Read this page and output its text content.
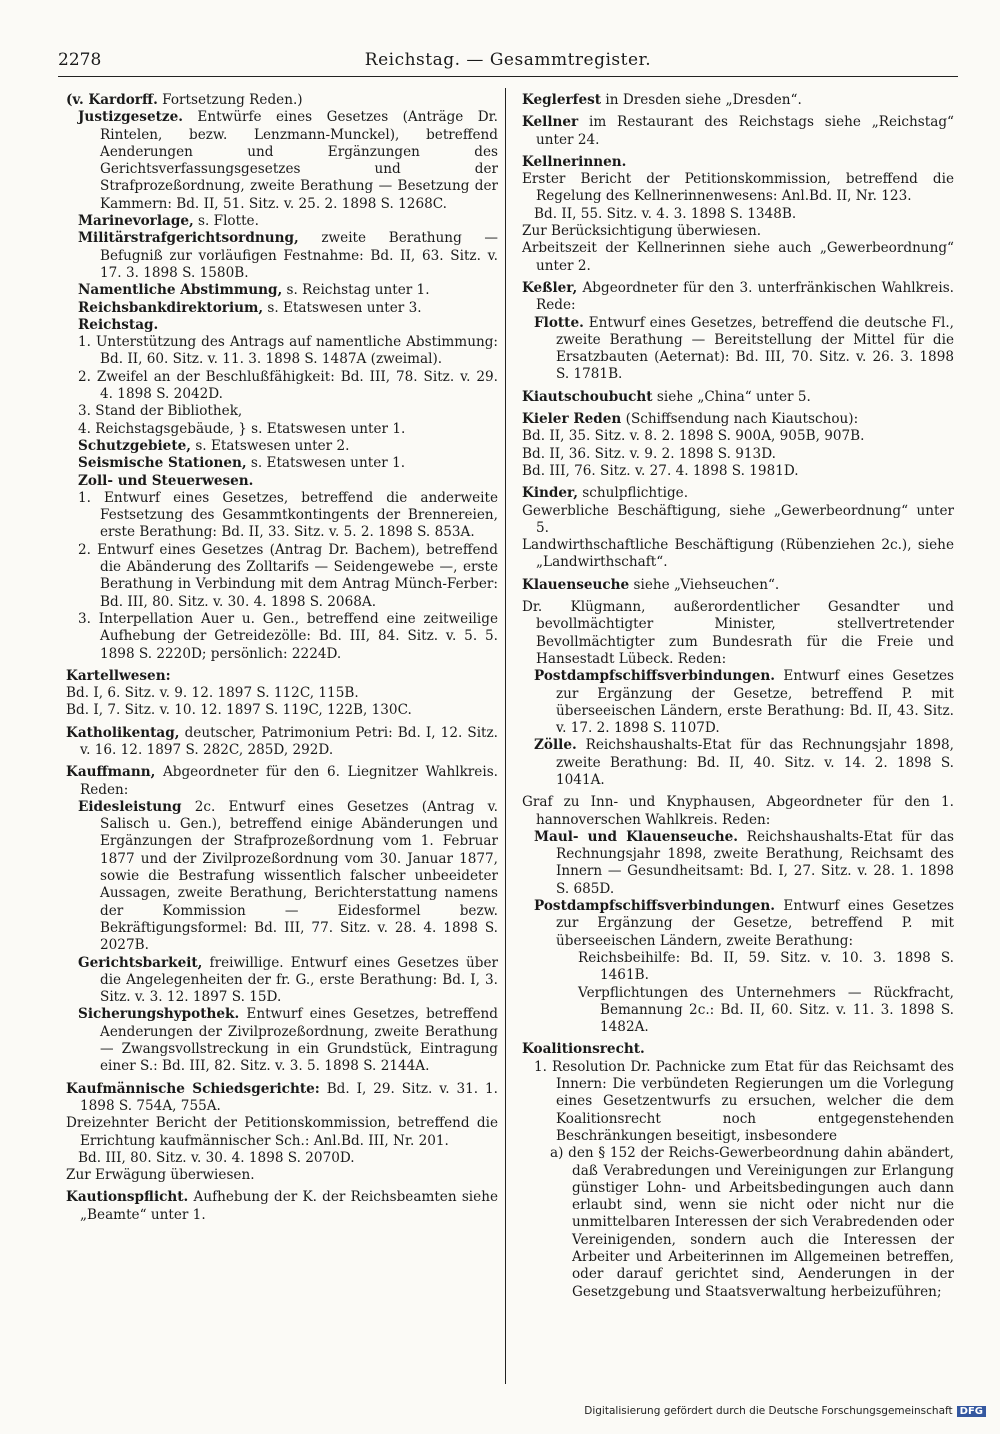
2278	Reichstag. — Gesammtregister.

(v. Kardorff. Fortsetzung Reden.)

Justizgesetze. Entwürfe eines Gesetzes (Anträge Dr. Rintelen, bezw. Lenzmann-Munckel), betreffend Aenderungen und Ergänzungen des Gerichtsverfassungsgesetzes und der Strafprozeßordnung, zweite Berathung — Besetzung der Kammern: Bd. II, 51. Sitz. v. 25. 2. 1898 S. 1268C.

Marinevorlage, s. Flotte.

Militärstrafgerichtsordnung, zweite Berathung — Befugniß zur vorläufigen Festnahme: Bd. II, 63. Sitz. v. 17. 3. 1898 S. 1580B.

Namentliche Abstimmung, s. Reichstag unter 1.

Reichsbankdirektorium, s. Etatswesen unter 3.

Reichstag.

1. Unterstützung des Antrags auf namentliche Abstimmung: Bd. II, 60. Sitz. v. 11. 3. 1898 S. 1487A (zweimal).

2. Zweifel an der Beschlußfähigkeit: Bd. III, 78. Sitz. v. 29. 4. 1898 S. 2042D.

3. Stand der Bibliothek,

4. Reichstagsgebäude, } s. Etatswesen unter 1.

Schutzgebiete, s. Etatswesen unter 2.

Seismische Stationen, s. Etatswesen unter 1.

Zoll- und Steuerwesen.

1. Entwurf eines Gesetzes, betreffend die anderweite Festsetzung des Gesammtkontingents der Brennereien, erste Berathung: Bd. II, 33. Sitz. v. 5. 2. 1898 S. 853A.

2. Entwurf eines Gesetzes (Antrag Dr. Bachem), betreffend die Abänderung des Zolltarifs — Seidengewebe —, erste Berathung in Verbindung mit dem Antrag Münch-Ferber: Bd. III, 80. Sitz. v. 30. 4. 1898 S. 2068A.

3. Interpellation Auer u. Gen., betreffend eine zeitweilige Aufhebung der Getreidezölle: Bd. III, 84. Sitz. v. 5. 5. 1898 S. 2220D; persönlich: 2224D.

Kartellwesen:

Bd. I, 6. Sitz. v. 9. 12. 1897 S. 112C, 115B.

Bd. I, 7. Sitz. v. 10. 12. 1897 S. 119C, 122B, 130C.

Katholikentag, deutscher, Patrimonium Petri: Bd. I, 12. Sitz. v. 16. 12. 1897 S. 282C, 285D, 292D.

Kauffmann, Abgeordneter für den 6. Liegnitzer Wahlkreis. Reden:

Eidesleistung 2c. Entwurf eines Gesetzes (Antrag v. Salisch u. Gen.), betreffend einige Abänderungen und Ergänzungen der Strafprozeßordnung vom 1. Februar 1877 und der Zivilprozeßordnung vom 30. Januar 1877, sowie die Bestrafung wissentlich falscher unbeeideter Aussagen, zweite Berathung, Berichterstattung namens der Kommission — Eidesformel bezw. Bekräftigungsformel: Bd. III, 77. Sitz. v. 28. 4. 1898 S. 2027B.

Gerichtsbarkeit, freiwillige. Entwurf eines Gesetzes über die Angelegenheiten der fr. G., erste Berathung: Bd. I, 3. Sitz. v. 3. 12. 1897 S. 15D.

Sicherungshypothek. Entwurf eines Gesetzes, betreffend Aenderungen der Zivilprozeßordnung, zweite Berathung — Zwangsvollstreckung in ein Grundstück, Eintragung einer S.: Bd. III, 82. Sitz. v. 3. 5. 1898 S. 2144A.

Kaufmännische Schiedsgerichte: Bd. I, 29. Sitz. v. 31. 1. 1898 S. 754A, 755A.

Dreizehnter Bericht der Petitionskommission, betreffend die Errichtung kaufmännischer Sch.: Anl.Bd. III, Nr. 201.

Bd. III, 80. Sitz. v. 30. 4. 1898 S. 2070D.

Zur Erwägung überwiesen.

Kautionspflicht. Aufhebung der K. der Reichsbeamten siehe „Beamte“ unter 1.

Keglerfest in Dresden siehe „Dresden“.

Kellner im Restaurant des Reichstags siehe „Reichstag“ unter 24.

Kellnerinnen.

Erster Bericht der Petitionskommission, betreffend die Regelung des Kellnerinnenwesens: Anl.Bd. II, Nr. 123.

Bd. II, 55. Sitz. v. 4. 3. 1898 S. 1348B.

Zur Berücksichtigung überwiesen.

Arbeitszeit der Kellnerinnen siehe auch „Gewerbeordnung“ unter 2.

Keßler, Abgeordneter für den 3. unterfränkischen Wahlkreis. Rede:

Flotte. Entwurf eines Gesetzes, betreffend die deutsche Fl., zweite Berathung — Bereitstellung der Mittel für die Ersatzbauten (Aeternat): Bd. III, 70. Sitz. v. 26. 3. 1898 S. 1781B.

Kiautschoubucht siehe „China“ unter 5.

Kieler Reden (Schiffsendung nach Kiautschou):

Bd. II, 35. Sitz. v. 8. 2. 1898 S. 900A, 905B, 907B.

Bd. II, 36. Sitz. v. 9. 2. 1898 S. 913D.

Bd. III, 76. Sitz. v. 27. 4. 1898 S. 1981D.

Kinder, schulpflichtige.

Gewerbliche Beschäftigung, siehe „Gewerbeordnung“ unter 5.

Landwirthschaftliche Beschäftigung (Rübenziehen 2c.), siehe „Landwirthschaft“.

Klauenseuche siehe „Viehseuchen“.

Dr. Klügmann, außerordentlicher Gesandter und bevollmächtigter Minister, stellvertretender Bevollmächtigter zum Bundesrath für die Freie und Hansestadt Lübeck. Reden:

Postdampfschiffsverbindungen. Entwurf eines Gesetzes zur Ergänzung der Gesetze, betreffend P. mit überseeischen Ländern, erste Berathung: Bd. II, 43. Sitz. v. 17. 2. 1898 S. 1107D.

Zölle. Reichshaushalts-Etat für das Rechnungsjahr 1898, zweite Berathung: Bd. II, 40. Sitz. v. 14. 2. 1898 S. 1041A.

Graf zu Inn- und Knyphausen, Abgeordneter für den 1. hannoverschen Wahlkreis. Reden:

Maul- und Klauenseuche. Reichshaushalts-Etat für das Rechnungsjahr 1898, zweite Berathung, Reichsamt des Innern — Gesundheitsamt: Bd. I, 27. Sitz. v. 28. 1. 1898 S. 685D.

Postdampfschiffsverbindungen. Entwurf eines Gesetzes zur Ergänzung der Gesetze, betreffend P. mit überseeischen Ländern, zweite Berathung:

Reichsbeihilfe: Bd. II, 59. Sitz. v. 10. 3. 1898 S. 1461B.

Verpflichtungen des Unternehmers — Rückfracht, Bemannung 2c.: Bd. II, 60. Sitz. v. 11. 3. 1898 S. 1482A.

Koalitionsrecht.

1. Resolution Dr. Pachnicke zum Etat für das Reichsamt des Innern: Die verbündeten Regierungen um die Vorlegung eines Gesetzentwurfs zu ersuchen, welcher die dem Koalitionsrecht noch entgegenstehenden Beschränkungen beseitigt, insbesondere

a) den § 152 der Reichs-Gewerbeordnung dahin abändert, daß Verabredungen und Vereinigungen zur Erlangung günstiger Lohn- und Arbeitsbedingungen auch dann erlaubt sind, wenn sie nicht oder nicht nur die unmittelbaren Interessen der sich Verabredenden oder Vereinigenden, sondern auch die Interessen der Arbeiter und Arbeiterinnen im Allgemeinen betreffen, oder darauf gerichtet sind, Aenderungen in der Gesetzgebung und Staatsverwaltung herbeizuführen;

Digitalisierung gefördert durch die Deutsche Forschungsgemeinschaft DFG
